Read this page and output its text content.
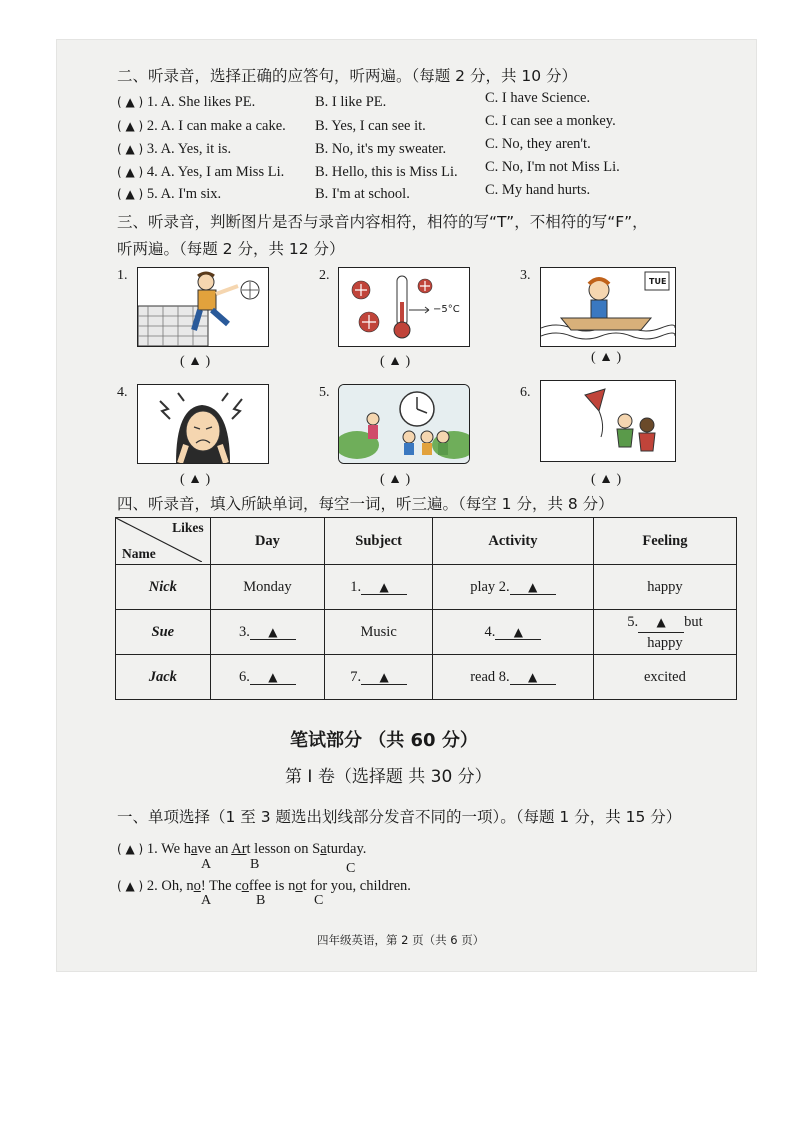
二、听录音，选择正确的应答句，听两遍。（每题 2 分，共 10 分）
( ▲ ) 1. A. She likes PE.	B. I like PE.	C. I have Science.
( ▲ ) 2. A. I can make a cake. B. Yes, I can see it.	C. I can see a monkey.
( ▲ ) 3. A. Yes, it is.	B. No, it's my sweater.	C. No, they aren't.
( ▲ ) 4. A. Yes, I am Miss Li. B. Hello, this is Miss Li. C. No, I'm not Miss Li.
( ▲ ) 5. A. I'm six.	B. I'm at school.	C. My hand hurts.
三、听录音，判断图片是否与录音内容相符，相符的写“T”，不相符的写“F”，
听两遍。（每题 2 分，共 12 分）
1.
( ▲ )
2.
−5°C
( ▲ )
3.	TUE
( ▲ )
4.
( ▲ )
5.
( ▲ )
6.
( ▲ )
四、听录音，填入所缺单词，每空一词，听三遍。（每空 1 分，共 8 分）
Likes
Name	Day	Subject	Activity	Feeling
Nick	Monday	1. ▲	play 2. ▲	happy
Sue	3. ▲	Music	4. ▲	5. ▲ but
happy
Jack	6. ▲	7. ▲	read 8. ▲	excited
笔试部分 （共 60 分）
第 I 卷（选择题 共 30 分）
一、单项选择（1 至 3 题选出划线部分发音不同的一项）。（每题 1 分，共 15 分）
( ▲ ) 1. We have an Art lesson on Saturday.
A	B	C
( ▲ ) 2. Oh, no! The coffee is not for you, children.
A	B	C
四年级英语，第 2 页（共 6 页）
